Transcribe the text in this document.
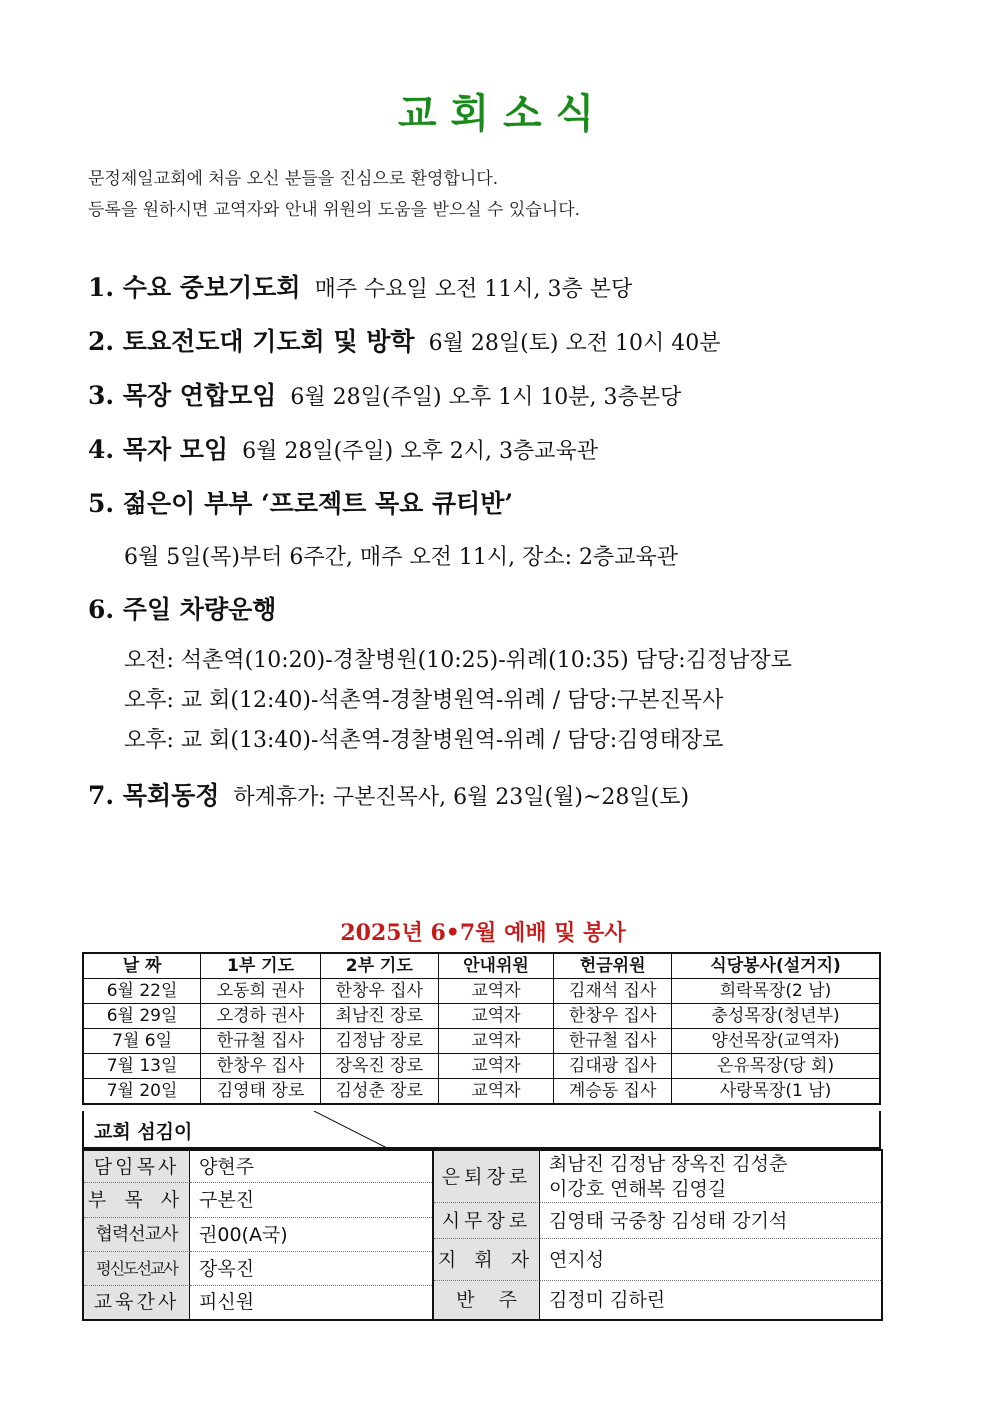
교 회 소 식
문정제일교회에 처음 오신 분들을 진심으로 환영합니다.
등록을 원하시면 교역자와 안내 위원의 도움을 받으실 수 있습니다.
1. 수요 중보기도회 매주 수요일 오전 11시, 3층 본당
2. 토요전도대 기도회 및 방학 6월 28일(토) 오전 10시 40분
3. 목장 연합모임 6월 28일(주일) 오후 1시 10분, 3층본당
4. 목자 모임 6월 28일(주일) 오후 2시, 3층교육관
5. 젊은이 부부 ‘프로젝트 목요 큐티반’
6월 5일(목)부터 6주간, 매주 오전 11시, 장소: 2층교육관
6. 주일 차량운행
오전: 석촌역(10:20)-경찰병원(10:25)-위례(10:35) 담당:김정남장로
오후: 교 회(12:40)-석촌역-경찰병원역-위례 / 담당:구본진목사
오후: 교 회(13:40)-석촌역-경찰병원역-위례 / 담당:김영태장로
7. 목회동정 하계휴가: 구본진목사, 6월 23일(월)~28일(토)
2025년 6•7월 예배 및 봉사
날 짜	1부 기도	2부 기도	안내위원	헌금위원	식당봉사(설거지)
6월 22일	오동희 권사	한창우 집사	교역자	김재석 집사	희락목장(2 남)
6월 29일	오경하 권사	최남진 장로	교역자	한창우 집사	충성목장(청년부)
7월 6일	한규철 집사	김정남 장로	교역자	한규철 집사	양선목장(교역자)
7월 13일	한창우 집사	장옥진 장로	교역자	김대광 집사	온유목장(당 회)
7월 20일	김영태 장로	김성춘 장로	교역자	계승동 집사	사랑목장(1 남)
교회 섬김이
담임목사	양현주
부 목 사 구본진
협력선교사	권00(A국)
평신도선교사	장옥진
교육간사	피신원
은퇴장로
최남진 김정남 장옥진 김성춘
이강호 연해복 김영길
시무장로 김영태 국중창 김성태 강기석
지 휘 자 연지성
반    주	김정미 김하린
